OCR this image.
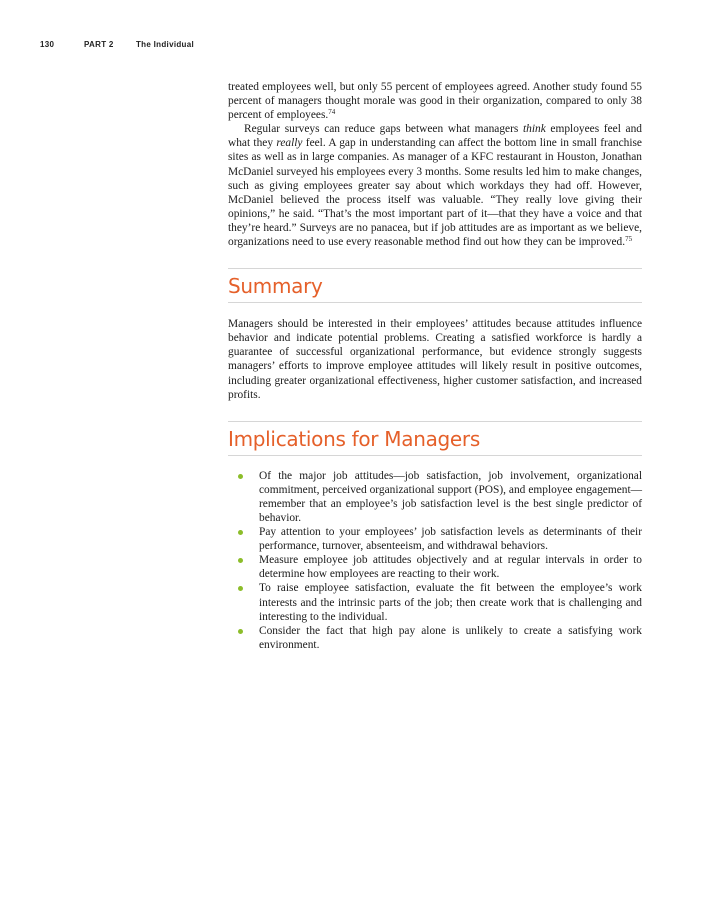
130	PART 2	The Individual

treated employees well, but only 55 percent of employees agreed. Another study found 55 percent of managers thought morale was good in their organization, compared to only 38 percent of employees.$^{74}$

Regular surveys can reduce gaps between what managers think employees feel and what they really feel. A gap in understanding can affect the bottom line in small franchise sites as well as in large companies. As manager of a KFC restaurant in Houston, Jonathan McDaniel surveyed his employees every 3 months. Some results led him to make changes, such as giving employees greater say about which workdays they had off. However, McDaniel believed the process itself was valuable. “They really love giving their opinions,” he said. “That’s the most important part of it—that they have a voice and that they’re heard.” Surveys are no panacea, but if job attitudes are as important as we believe, organizations need to use every reasonable method find out how they can be improved.$^{75}$

Summary

Managers should be interested in their employees’ attitudes because attitudes influence behavior and indicate potential problems. Creating a satisfied workforce is hardly a guarantee of successful organizational performance, but evidence strongly suggests managers’ efforts to improve employee attitudes will likely result in positive outcomes, including greater organizational effectiveness, higher customer satisfaction, and increased profits.

Implications for Managers
Of the major job attitudes—job satisfaction, job involvement, organizational commitment, perceived organizational support (POS), and employee engagement—remember that an employee’s job satisfaction level is the best single predictor of behavior.
Pay attention to your employees’ job satisfaction levels as determinants of their performance, turnover, absenteeism, and withdrawal behaviors.
Measure employee job attitudes objectively and at regular intervals in order to determine how employees are reacting to their work.
To raise employee satisfaction, evaluate the fit between the employee’s work interests and the intrinsic parts of the job; then create work that is challenging and interesting to the individual.
Consider the fact that high pay alone is unlikely to create a satisfying work environment.
